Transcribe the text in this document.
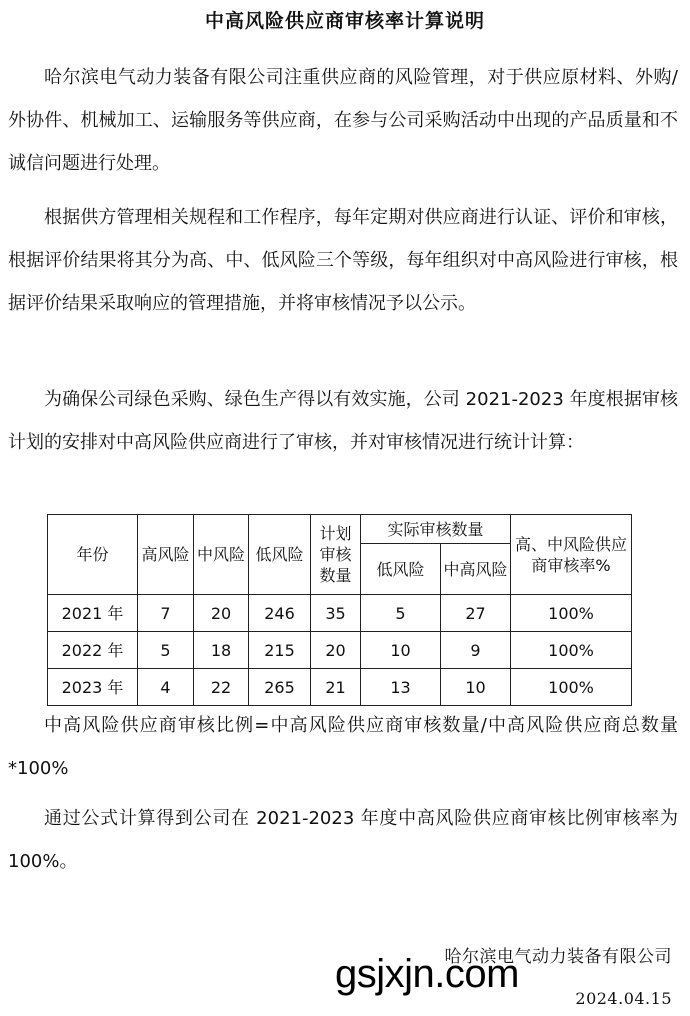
中高风险供应商审核率计算说明

哈尔滨电气动力装备有限公司注重供应商的风险管理，对于供应原材料、外购/外协件、机械加工、运输服务等供应商，在参与公司采购活动中出现的产品质量和不诚信问题进行处理。

根据供方管理相关规程和工作程序，每年定期对供应商进行认证、评价和审核，根据评价结果将其分为高、中、低风险三个等级，每年组织对中高风险进行审核，根据评价结果采取响应的管理措施，并将审核情况予以公示。

为确保公司绿色采购、绿色生产得以有效实施，公司 2021-2023 年度根据审核计划的安排对中高风险供应商进行了审核，并对审核情况进行统计计算：

年份	高风险	中风险	低风险	计划审核数量	实际审核数量		高、中风险供应商审核率%
					低风险	中高风险	
2021 年	7	20	246	35	5	27	100%
2022 年	5	18	215	20	10	9	100%
2023 年	4	22	265	21	13	10	100%

中高风险供应商审核比例=中高风险供应商审核数量/中高风险供应商总数量*100%

通过公式计算得到公司在 2021-2023 年度中高风险供应商审核比例审核率为 100%。

哈尔滨电气动力装备有限公司
gsjxjn.com
2024.04.15
